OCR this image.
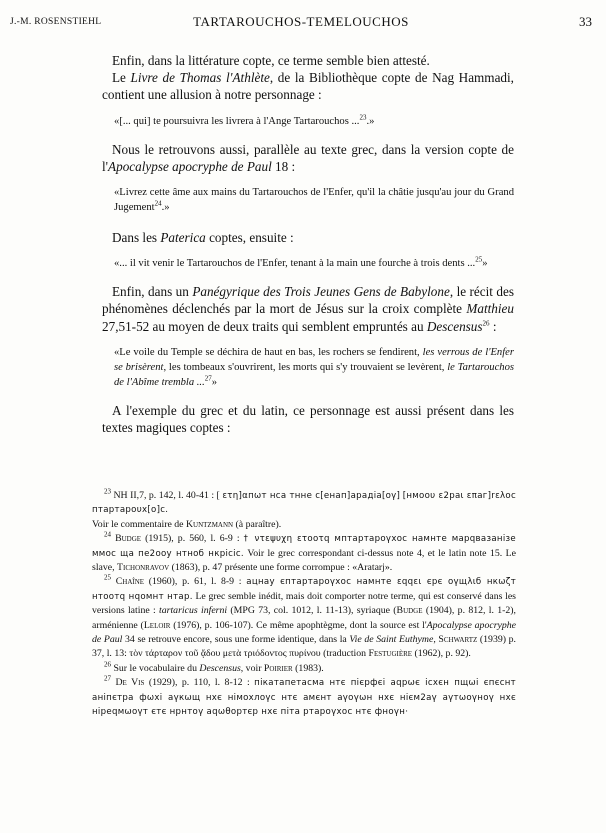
J.-M. ROSENSTIEHL	TARTAROUCHOS-TEMELOUCHOS	33

Enfin, dans la littérature copte, ce terme semble bien attesté.

Le Livre de Thomas l'Athlète, de la Bibliothèque copte de Nag Hammadi, contient une allusion à notre personnage :

«[... qui] te poursuivra les livrera à l'Ange Tartarouchos ...$^{23}$.»

Nous le retrouvons aussi, parallèle au texte grec, dans la version copte de l'Apocalypse apocryphe de Paul 18 :

«Livrez cette âme aux mains du Tartarouchos de l'Enfer, qu'il la châtie jusqu'au jour du Grand Jugement$^{24}$.»

Dans les Paterica coptes, ensuite :

«... il vit venir le Tartarouchos de l'Enfer, tenant à la main une fourche à trois dents ...$^{25}$»

Enfin, dans un Panégyrique des Trois Jeunes Gens de Babylone, le récit des phénomènes déclenchés par la mort de Jésus sur la croix complète Matthieu 27,51-52 au moyen de deux traits qui semblent empruntés au Descensus$^{26}$ :

«Le voile du Temple se déchira de haut en bas, les rochers se fendirent, les verrous de l'Enfer se brisèrent, les tombeaux s'ouvrirent, les morts qui s'y trouvaient se levèrent, le Tartarouchos de l'Abîme trembla ...$^{27}$»

A l'exemple du grec et du latin, ce personnage est aussi présent dans les textes magiques coptes :

$^{23}$ NH II,7, p. 142, l. 40-41 : [ ετη]αпωт нса тнне с[енап]арадіа[оү] [нмоου ε2paι επaг]rελoc птapтapoυx[o]c.
Voir le commentaire de Kuntzmann (à paraître).

$^{24}$ Budge (1915), p. 560, l. 6-9 : † ντεψυχη ετοοτq мптартароүхос намнте марqвазанізе ммос ща пе2ооу нтноб нкрісіс. Voir le grec correspondant ci-dessus note 4, et le latin note 15. Le slave, Tichonravov (1863), p. 47 présente une forme corrompue : «Aratarj».

$^{25}$ Chaîne (1960), p. 61, l. 8-9 : ацнау єптартароүхос намнте εqqει єрє оүщλιб нкωζт нтоοтq нqомнт нтар. Le grec semble inédit, mais doit comporter notre terme, qui est conservé dans les versions latine : tartaricus inferni (MPG 73, col. 1012, l. 11-13), syriaque (Budge (1904), p. 812, l. 1-2), arménienne (Leloir (1976), p. 106-107). Ce même apophtègme, dont la source est l'Apocalypse apocryphe de Paul 34 se retrouve encore, sous une forme identique, dans la Vie de Saint Euthyme, Schwartz (1939) p. 37, l. 13: τὸν τάρταρον τοῦ ᾄδου μετὰ τριόδοντος πυρίνου (traduction Festugière (1962), p. 92).

$^{26}$ Sur le vocabulaire du Descensus, voir Poirier (1983).

$^{27}$ De Vis (1929), p. 110, l. 8-12 : пікатапетасма нтє пієрфєі аqрωє ісхєн пщωі єпєснт аніпєтра фωхі аүкωщ нхє німохлоүс нтє амєнт аүоүωн нхє нієм2аү аүтωоүноү нхє ніpeqмωоүт єтє нрнтоү аqωθортєр нхє піта ртароүхос нтє фноүн·
